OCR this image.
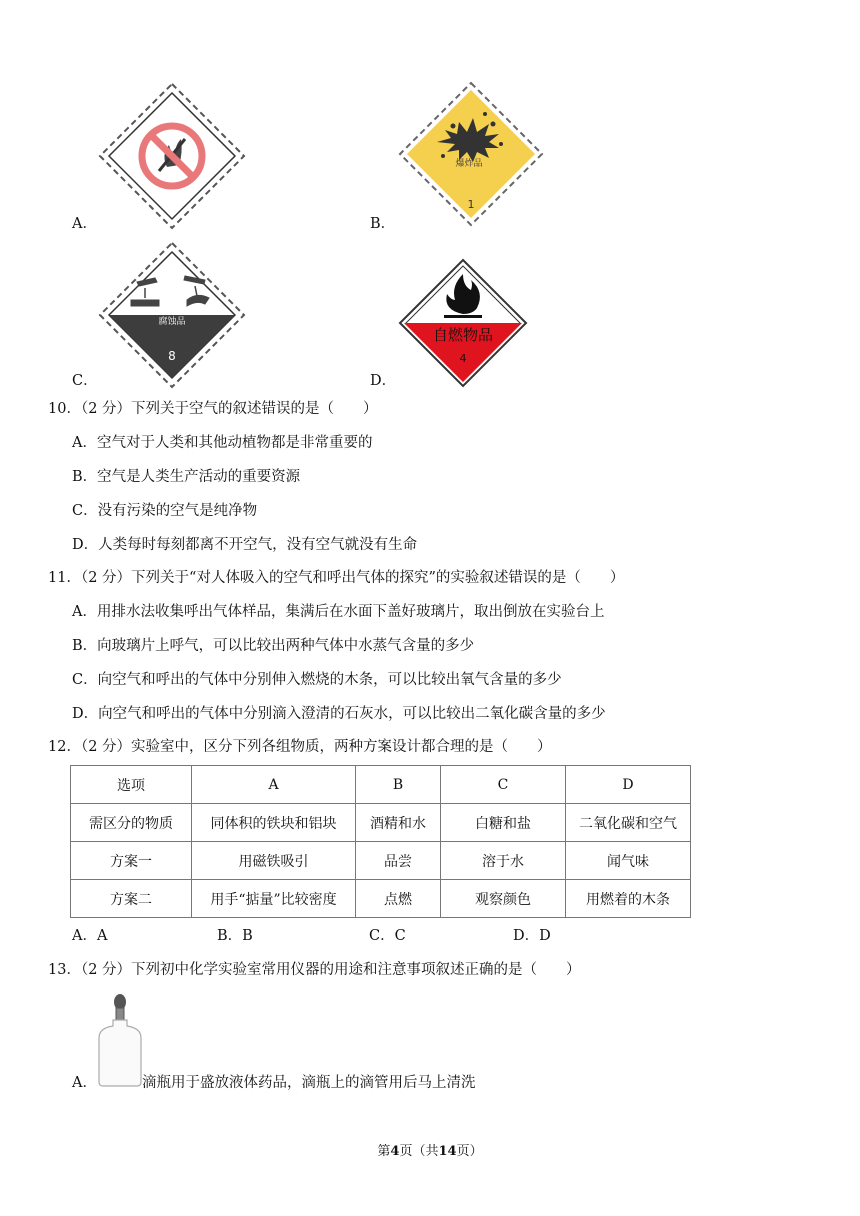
A．	B．
C．	D．
爆炸品
1
腐蚀品
8
自燃物品
4
10．（2 分）下列关于空气的叙述错误的是（　　）
A．空气对于人类和其他动植物都是非常重要的
B．空气是人类生产活动的重要资源
C．没有污染的空气是纯净物
D．人类每时每刻都离不开空气，没有空气就没有生命
11．（2 分）下列关于“对人体吸入的空气和呼出气体的探究”的实验叙述错误的是（　　）
A．用排水法收集呼出气体样品，集满后在水面下盖好玻璃片，取出倒放在实验台上
B．向玻璃片上呼气，可以比较出两种气体中水蒸气含量的多少
C．向空气和呼出的气体中分别伸入燃烧的木条，可以比较出氧气含量的多少
D．向空气和呼出的气体中分别滴入澄清的石灰水，可以比较出二氧化碳含量的多少
12．（2 分）实验室中，区分下列各组物质，两种方案设计都合理的是（　　）
选项	A	B	C	D
需区分的物质	同体积的铁块和铝块	酒精和水	白糖和盐	二氧化碳和空气
方案一	用磁铁吸引	品尝	溶于水	闻气味
方案二	用手“掂量”比较密度	点燃	观察颜色	用燃着的木条
A．A	B．B	C．C	D．D
13．（2 分）下列初中化学实验室常用仪器的用途和注意事项叙述正确的是（　　）
A．	滴瓶用于盛放液体药品，滴瓶上的滴管用后马上清洗
第4页（共14页）
